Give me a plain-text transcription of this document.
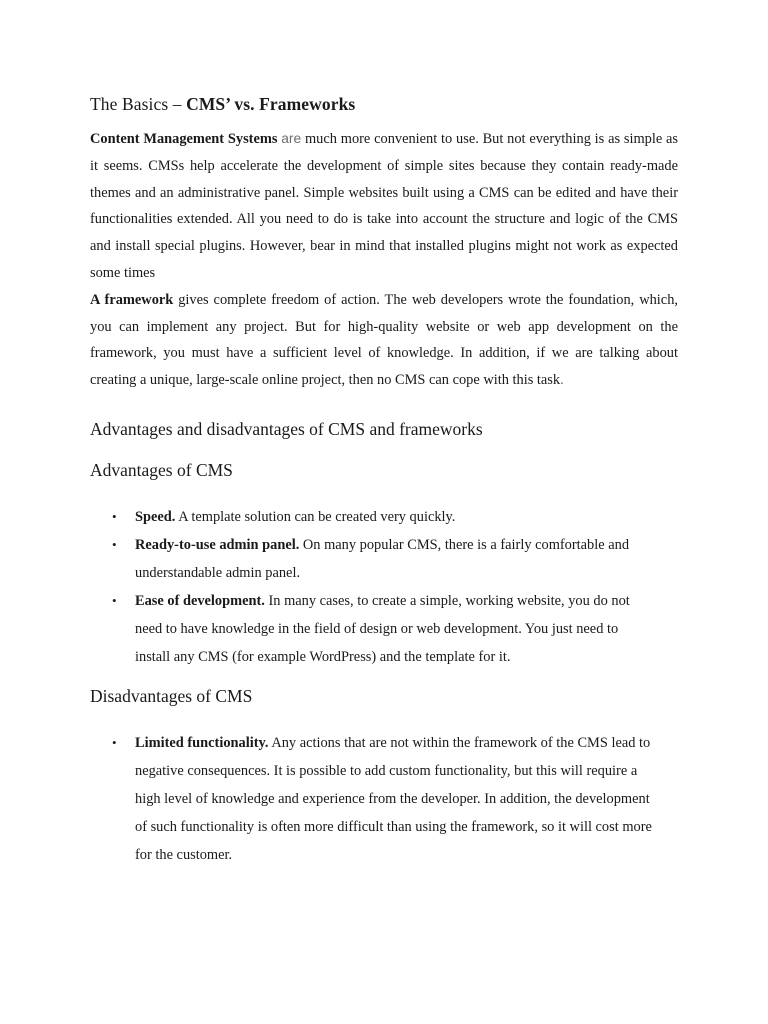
The Basics – CMS’ vs. Frameworks

Content Management Systems are much more convenient to use. But not everything is as simple as it seems. CMSs help accelerate the development of simple sites because they contain ready-made themes and an administrative panel. Simple websites built using a CMS can be edited and have their functionalities extended. All you need to do is take into account the structure and logic of the CMS and install special plugins. However, bear in mind that installed plugins might not work as expected some times

A framework gives complete freedom of action. The web developers wrote the foundation, which, you can implement any project. But for high-quality website or web app development on the framework, you must have a sufficient level of knowledge. In addition, if we are talking about creating a unique, large-scale online project, then no CMS can cope with this task.

Advantages and disadvantages of CMS and frameworks
Advantages of CMS
• Speed. A template solution can be created very quickly.
• Ready-to-use admin panel. On many popular CMS, there is a fairly comfortable and
understandable admin panel.
• Ease of development. In many cases, to create a simple, working website, you do not
need to have knowledge in the field of design or web development. You just need to
install any CMS (for example WordPress) and the template for it.
Disadvantages of CMS
• Limited functionality. Any actions that are not within the framework of the CMS lead to
negative consequences. It is possible to add custom functionality, but this will require a
high level of knowledge and experience from the developer. In addition, the development
of such functionality is often more difficult than using the framework, so it will cost more
for the customer.
